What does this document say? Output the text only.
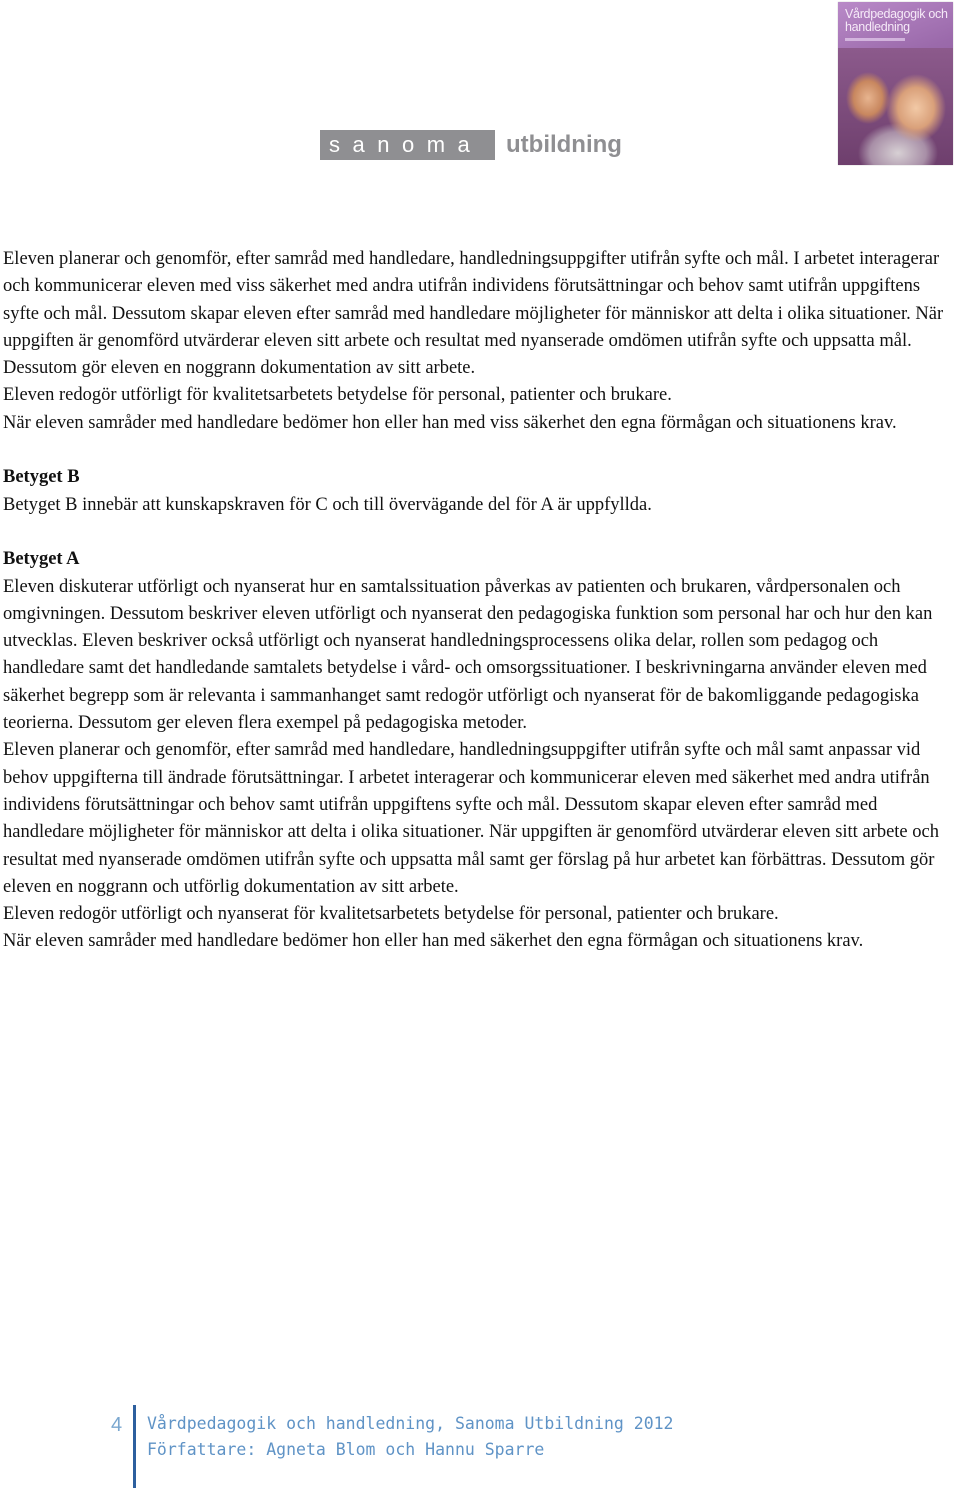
Vårdpedagogik och handledning
sanoma utbildning

Eleven planerar och genomför, efter samråd med handledare, handledningsuppgifter utifrån syfte och mål. I arbetet interagerar och kommunicerar eleven med viss säkerhet med andra utifrån individens förutsättningar och behov samt utifrån uppgiftens syfte och mål. Dessutom skapar eleven efter samråd med handledare möjligheter för människor att delta i olika situationer. När uppgiften är genomförd utvärderar eleven sitt arbete och resultat med nyanserade omdömen utifrån syfte och uppsatta mål. Dessutom gör eleven en noggrann dokumentation av sitt arbete.

Eleven redogör utförligt för kvalitetsarbetets betydelse för personal, patienter och brukare.

När eleven samråder med handledare bedömer hon eller han med viss säkerhet den egna förmågan och situationens krav.

Betyget B

Betyget B innebär att kunskapskraven för C och till övervägande del för A är uppfyllda.

Betyget A

Eleven diskuterar utförligt och nyanserat hur en samtalssituation påverkas av patienten och brukaren, vårdpersonalen och omgivningen. Dessutom beskriver eleven utförligt och nyanserat den pedagogiska funktion som personal har och hur den kan utvecklas. Eleven beskriver också utförligt och nyanserat handledningsprocessens olika delar, rollen som pedagog och handledare samt det handledande samtalets betydelse i vård- och omsorgssituationer. I beskrivningarna använder eleven med säkerhet begrepp som är relevanta i sammanhanget samt redogör utförligt och nyanserat för de bakomliggande pedagogiska teorierna. Dessutom ger eleven flera exempel på pedagogiska metoder.

Eleven planerar och genomför, efter samråd med handledare, handledningsuppgifter utifrån syfte och mål samt anpassar vid behov uppgifterna till ändrade förutsättningar. I arbetet interagerar och kommunicerar eleven med säkerhet med andra utifrån individens förutsättningar och behov samt utifrån uppgiftens syfte och mål. Dessutom skapar eleven efter samråd med handledare möjligheter för människor att delta i olika situationer. När uppgiften är genomförd utvärderar eleven sitt arbete och resultat med nyanserade omdömen utifrån syfte och uppsatta mål samt ger förslag på hur arbetet kan förbättras. Dessutom gör eleven en noggrann och utförlig dokumentation av sitt arbete.

Eleven redogör utförligt och nyanserat för kvalitetsarbetets betydelse för personal, patienter och brukare.

När eleven samråder med handledare bedömer hon eller han med säkerhet den egna förmågan och situationens krav.

4 Vårdpedagogik och handledning, Sanoma Utbildning 2012
Författare: Agneta Blom och Hannu Sparre
